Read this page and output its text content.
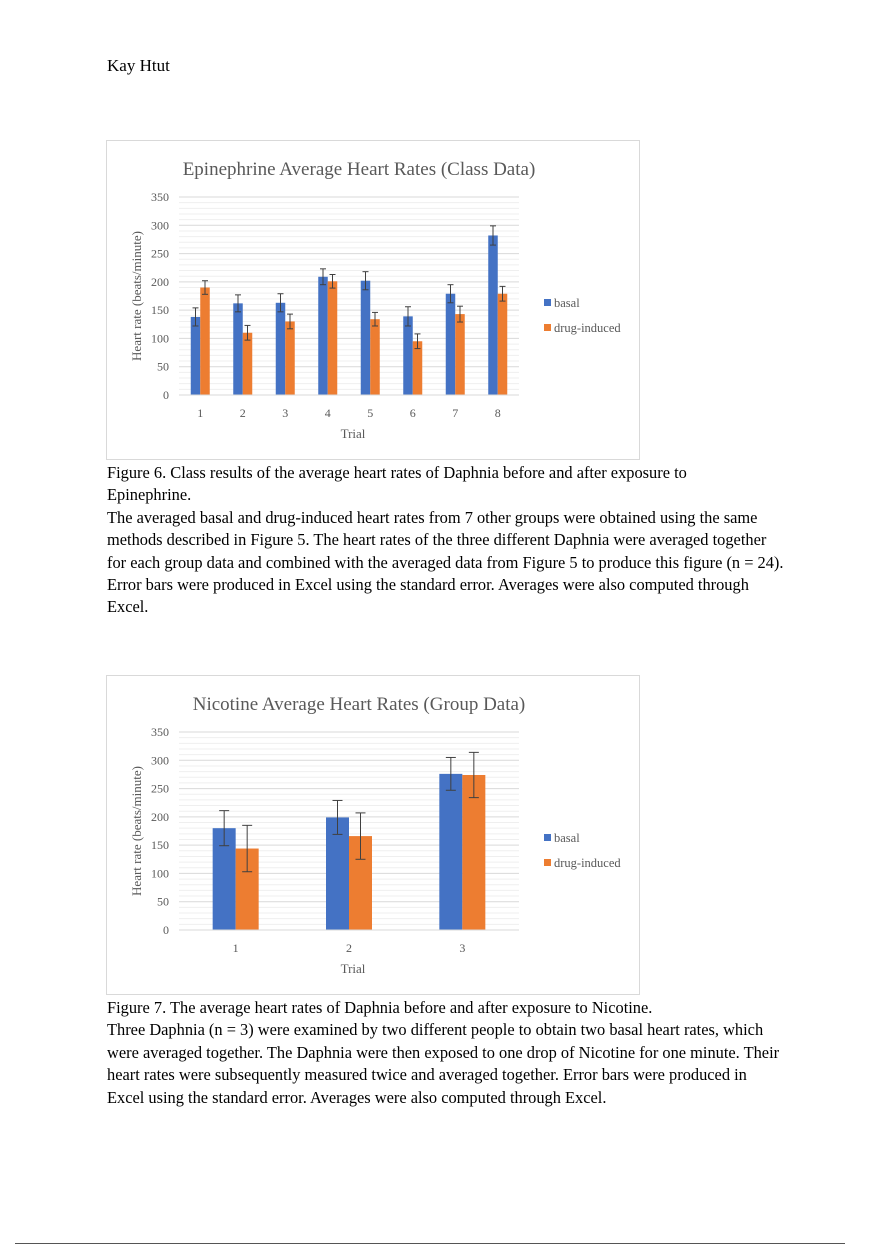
Kay Htut
Epinephrine Average Heart Rates (Class Data)
0
50
100
150
200
250
300
350
Heart rate (beats/minute)
1	2	3	4	5	6	7	8
Trial
basal
drug-induced

Figure 6. Class results of the average heart rates of Daphnia before and after exposure to Epinephrine.

The averaged basal and drug-induced heart rates from 7 other groups were obtained using the same methods described in Figure 5. The heart rates of the three different Daphnia were averaged together for each group data and combined with the averaged data from Figure 5 to produce this figure (n = 24). Error bars were produced in Excel using the standard error. Averages were also computed through Excel.

Nicotine Average Heart Rates (Group Data)
0
50
100
150
200
250
300
350
Heart rate (beats/minute)
1	2	3
Trial
basal
drug-induced

Figure 7. The average heart rates of Daphnia before and after exposure to Nicotine.

Three Daphnia (n = 3) were examined by two different people to obtain two basal heart rates, which were averaged together. The Daphnia were then exposed to one drop of Nicotine for one minute. Their heart rates were subsequently measured twice and averaged together. Error bars were produced in Excel using the standard error. Averages were also computed through Excel.
